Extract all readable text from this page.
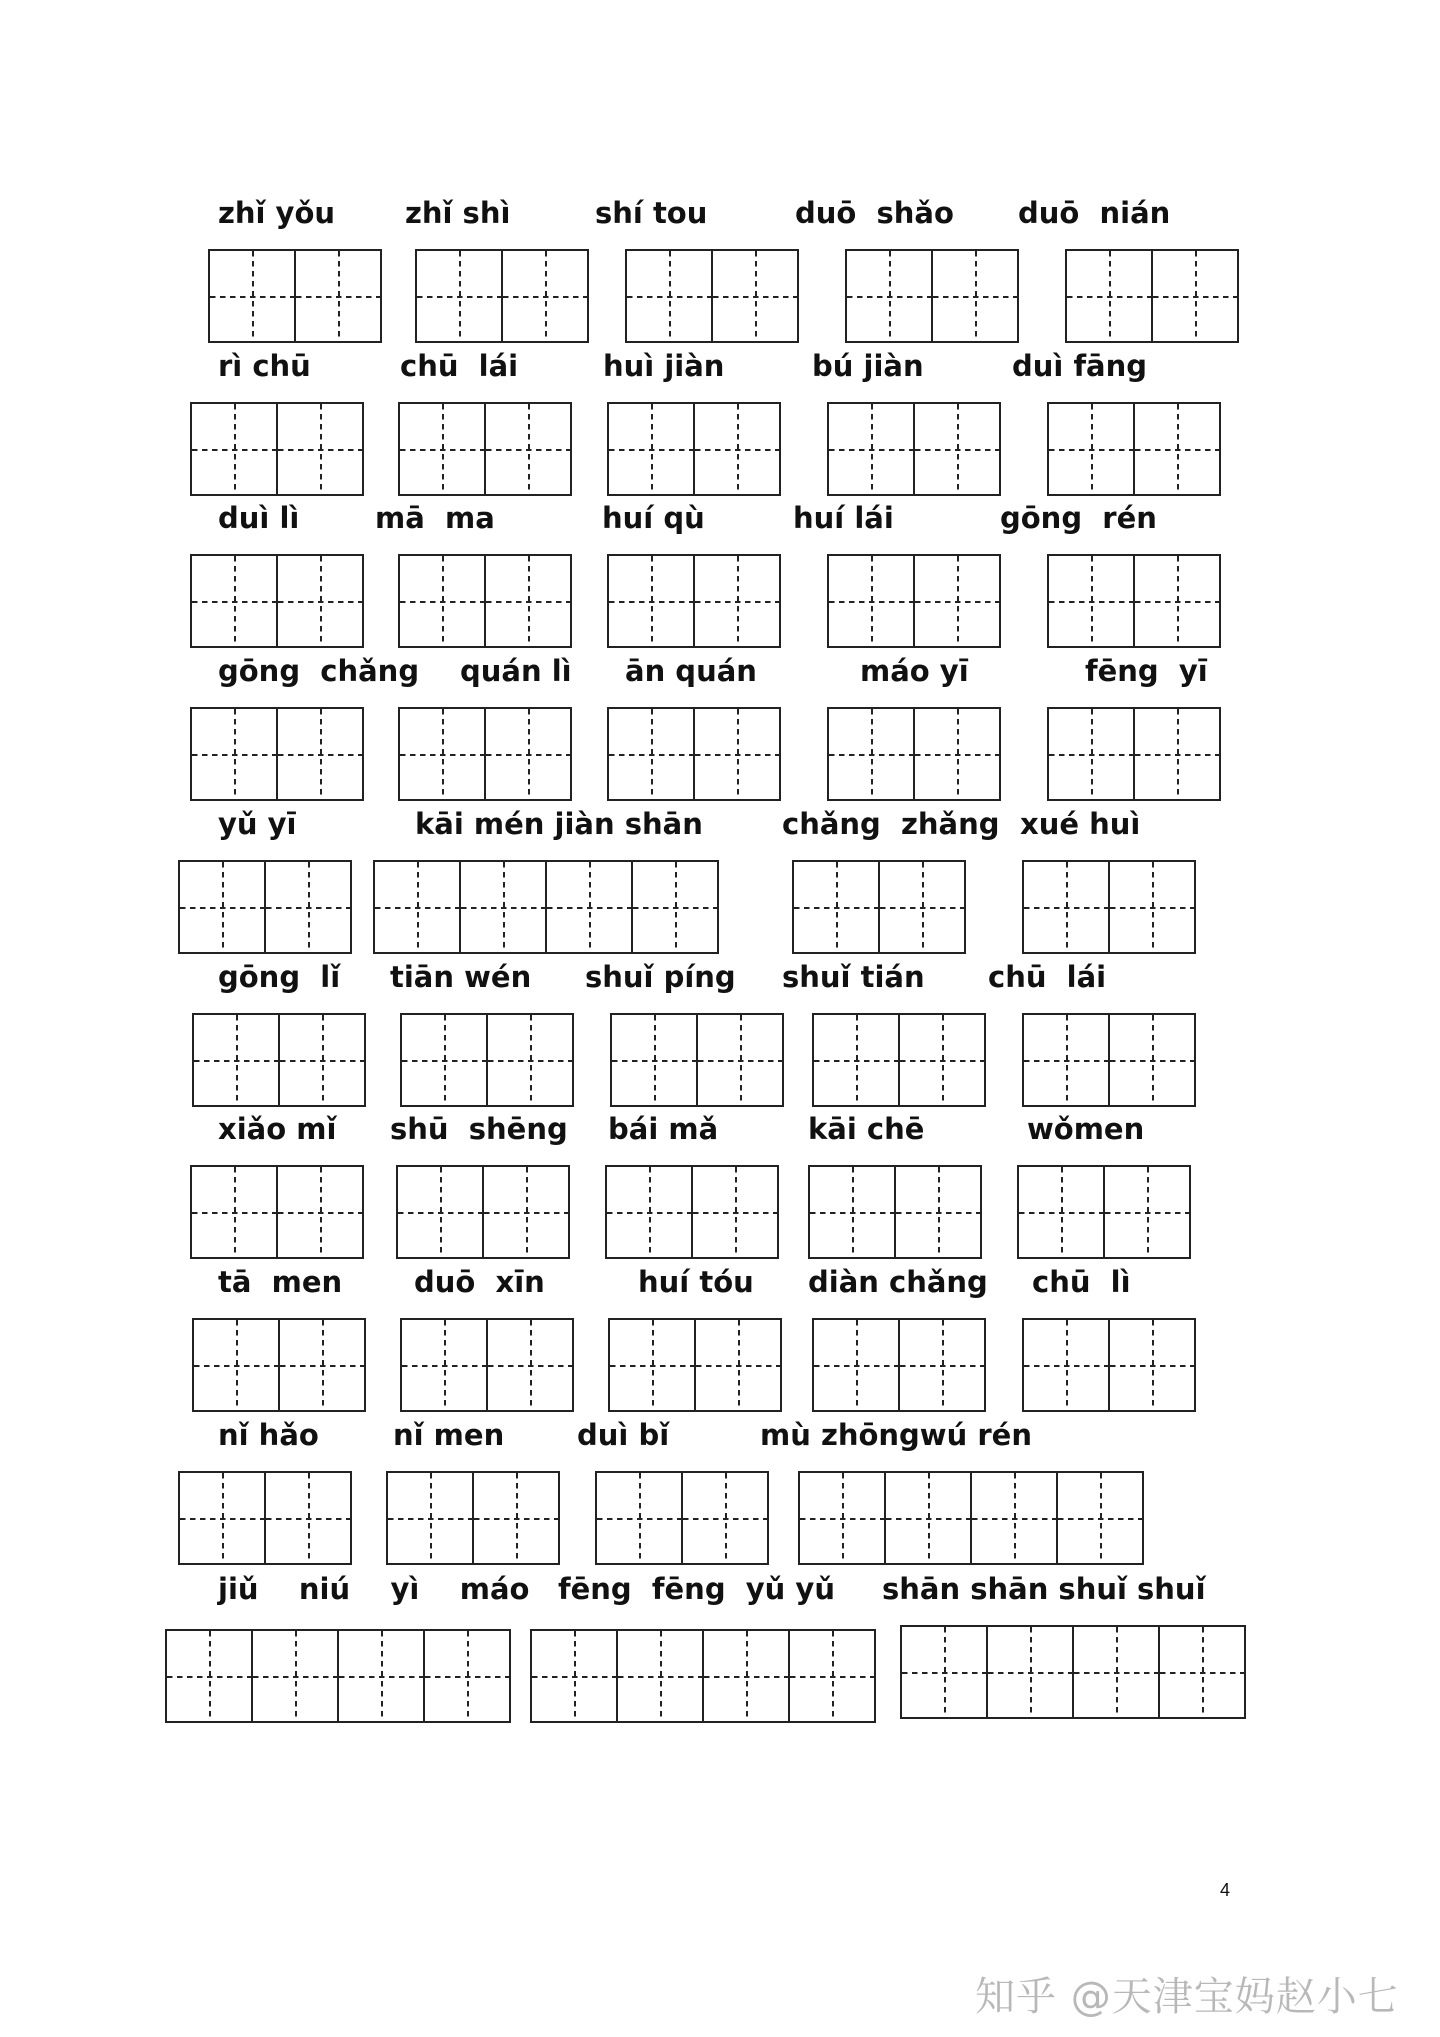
zhǐ yǒu zhǐ shì	shí tou	duō  shǎo duō  nián
rì chū	chū  lái	huì jiàn	bú jiàn	duì fāng
duì lì	mā  ma	huí qù	huí lái	gōng  rén
gōng  chǎng quán lì ān quán	máo yī	fēng  yī
yǔ yī	kāi mén jiàn shān	chǎng  zhǎng xué huì
gōng  lǐ tiān wén shuǐ píng shuǐ tián chū  lái
xiǎo mǐ shū  shēng bái mǎ	kāi chē	wǒmen
tā  men duō  xīn	huí tóu diàn chǎng chū  lì
nǐ hǎo	nǐ men	duì bǐ	mù zhōngwú rén
jiǔ    niú    yì    máo fēng  fēng  yǔ yǔ shān shān shuǐ shuǐ
4
知乎 @天津宝妈赵小七
